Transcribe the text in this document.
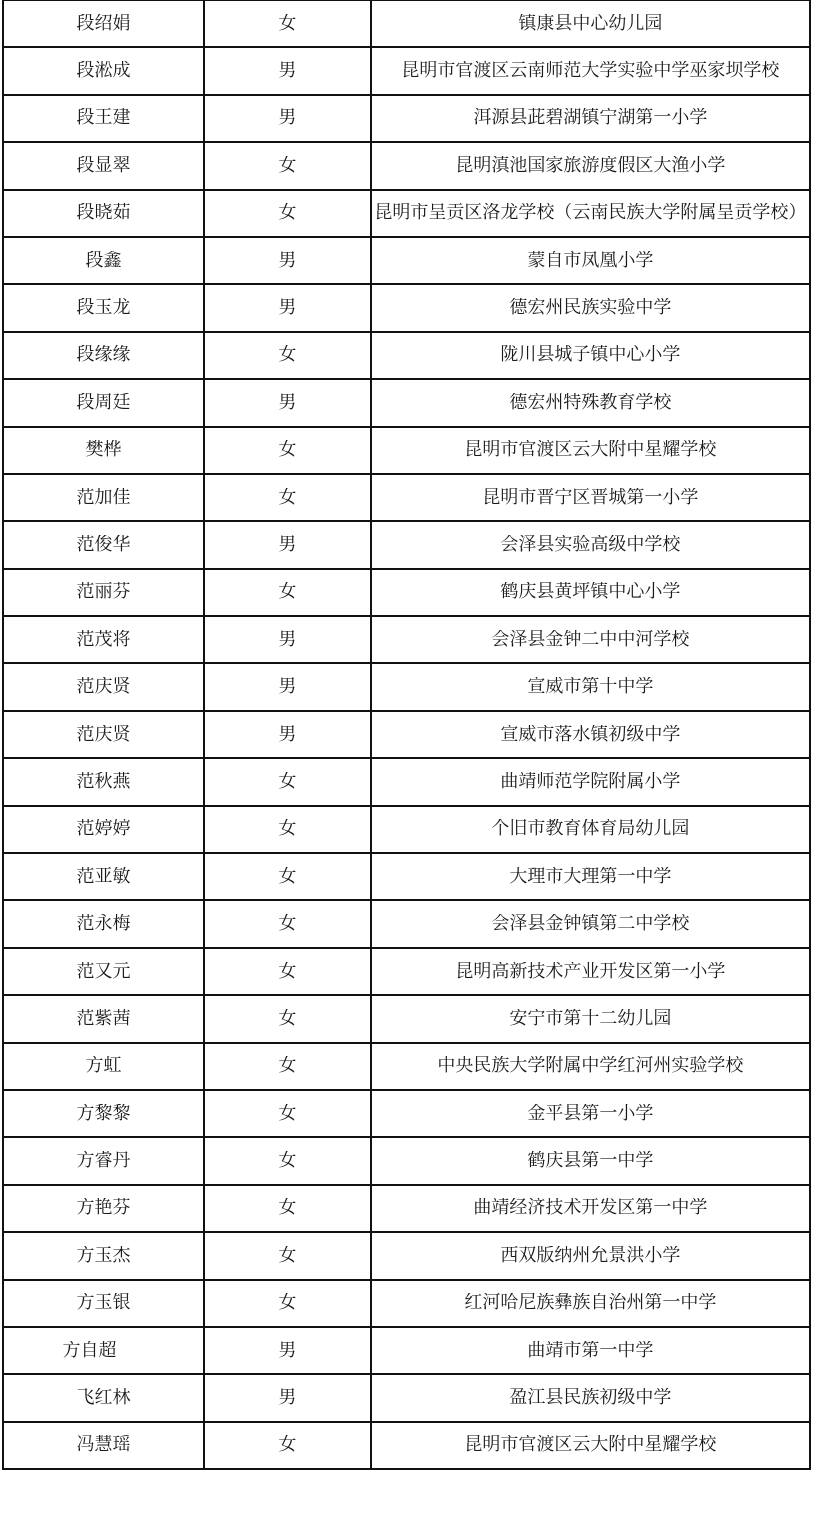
段绍娟	女	镇康县中心幼儿园

段淞成	男	昆明市官渡区云南师范大学实验中学巫家坝学校

段王建	男	洱源县茈碧湖镇宁湖第一小学

段显翠	女	昆明滇池国家旅游度假区大渔小学

段晓茹	女	昆明市呈贡区洛龙学校（云南民族大学附属呈贡学校）

段鑫	男	蒙自市凤凰小学

段玉龙	男	德宏州民族实验中学

段缘缘	女	陇川县城子镇中心小学

段周廷	男	德宏州特殊教育学校

樊桦	女	昆明市官渡区云大附中星耀学校

范加佳	女	昆明市晋宁区晋城第一小学

范俊华	男	会泽县实验高级中学校

范丽芬	女	鹤庆县黄坪镇中心小学

范茂将	男	会泽县金钟二中中河学校

范庆贤	男	宣威市第十中学

范庆贤	男	宣威市落水镇初级中学

范秋燕	女	曲靖师范学院附属小学

范婷婷	女	个旧市教育体育局幼儿园

范亚敏	女	大理市大理第一中学

范永梅	女	会泽县金钟镇第二中学校

范又元	女	昆明高新技术产业开发区第一小学

范紫茜	女	安宁市第十二幼儿园

方虹	女	中央民族大学附属中学红河州实验学校

方黎黎	女	金平县第一小学

方睿丹	女	鹤庆县第一中学

方艳芬	女	曲靖经济技术开发区第一中学

方玉杰	女	西双版纳州允景洪小学

方玉银	女	红河哈尼族彝族自治州第一中学

方自超	男	曲靖市第一中学

飞红林	男	盈江县民族初级中学

冯慧瑶	女	昆明市官渡区云大附中星耀学校
